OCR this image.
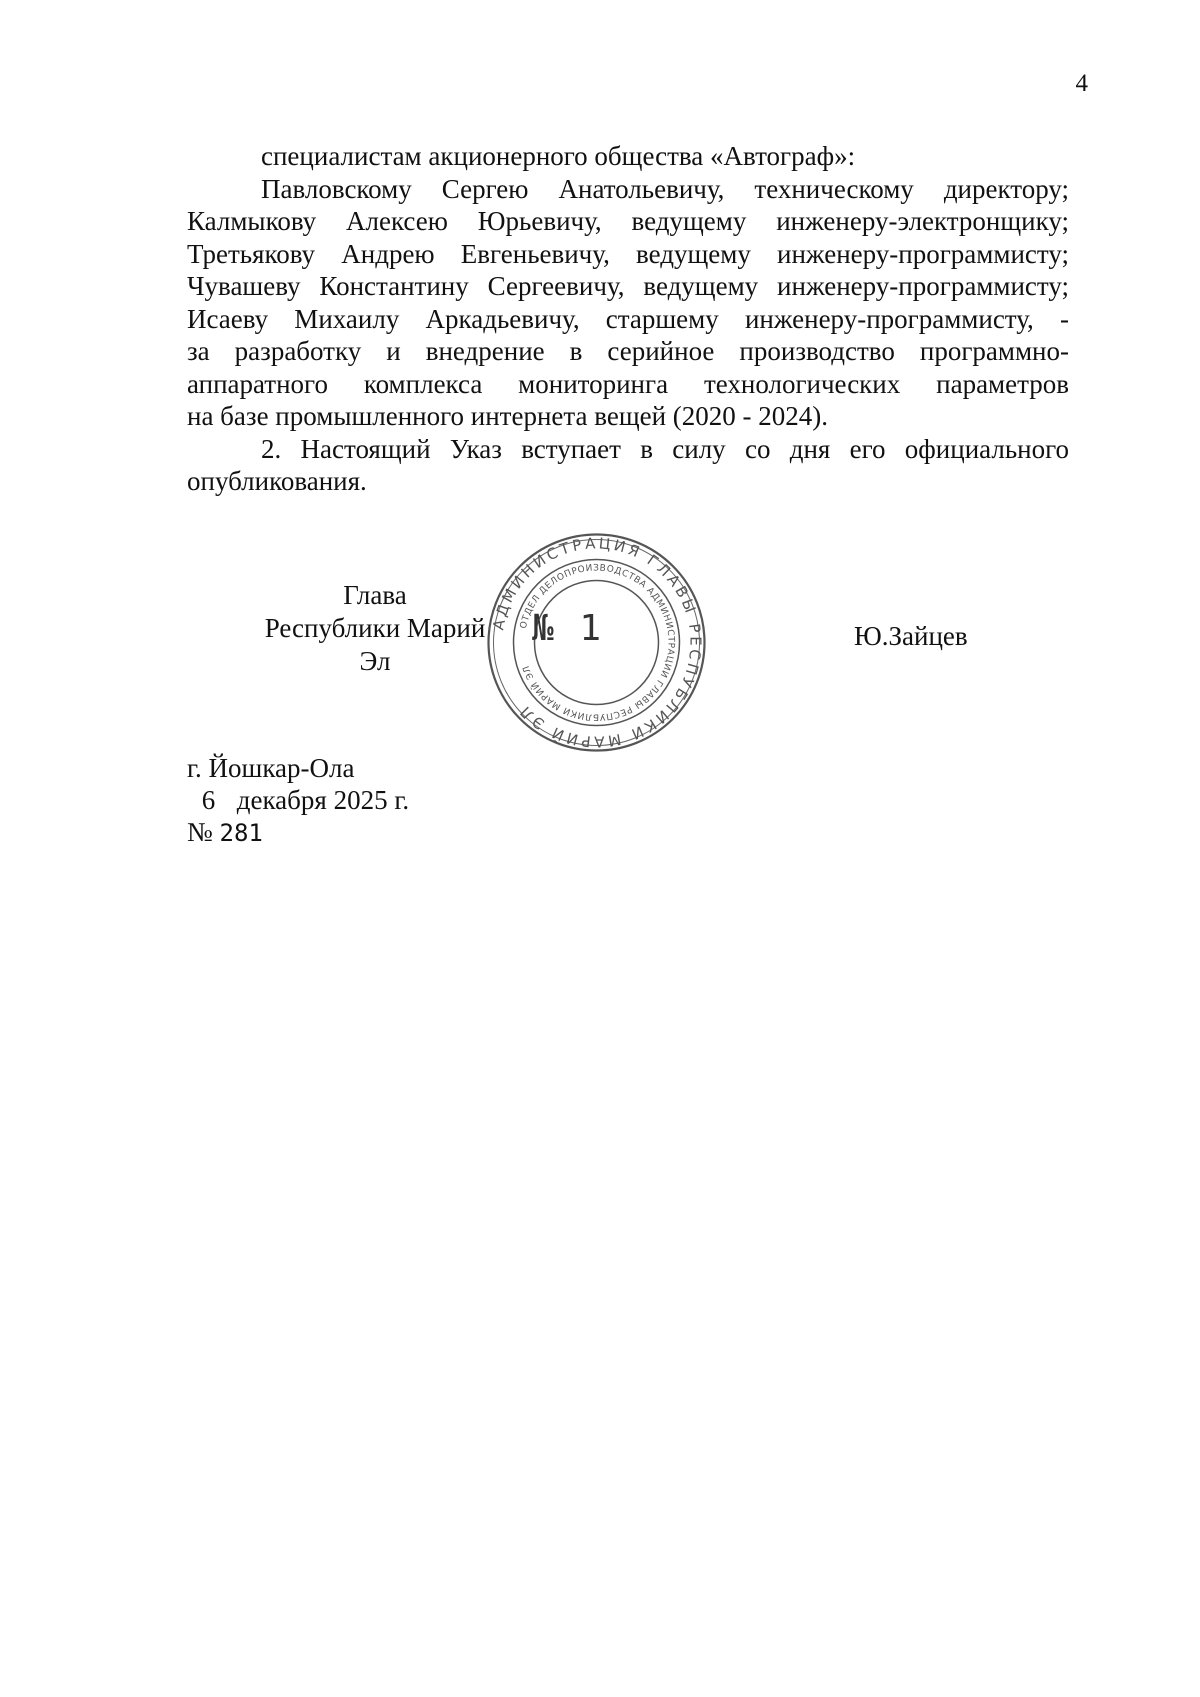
4

специалистам акционерного общества «Автограф»:

Павловскому Сергею Анатольевичу, техническому директору;

Калмыкову Алексею Юрьевичу, ведущему инженеру-электронщику;

Третьякову Андрею Евгеньевичу, ведущему инженеру-программисту;

Чувашеву Константину Сергеевичу, ведущему инженеру-программисту;

Исаеву Михаилу Аркадьевичу, старшему инженеру-программисту, -

за разработку и внедрение в серийное производство программно-

аппаратного комплекса мониторинга технологических параметров

на базе промышленного интернета вещей (2020 - 2024).

2. Настоящий Указ вступает в силу со дня его официального

опубликования.

Глава
Республики Марий Эл
АДМИНИСТРАЦИЯ ГЛАВЫ РЕСПУБЛИКИ МАРИЙ ЭЛ
ОТДЕЛ ДЕЛОПРОИЗВОДСТВА АДМИНИСТРАЦИИ ГЛАВЫ РЕСПУБЛИКИ МАРИЙ ЭЛ
№ 1	Ю.Зайцев
г. Йошкар-Ола
6 декабря 2025 г.
№ 281
